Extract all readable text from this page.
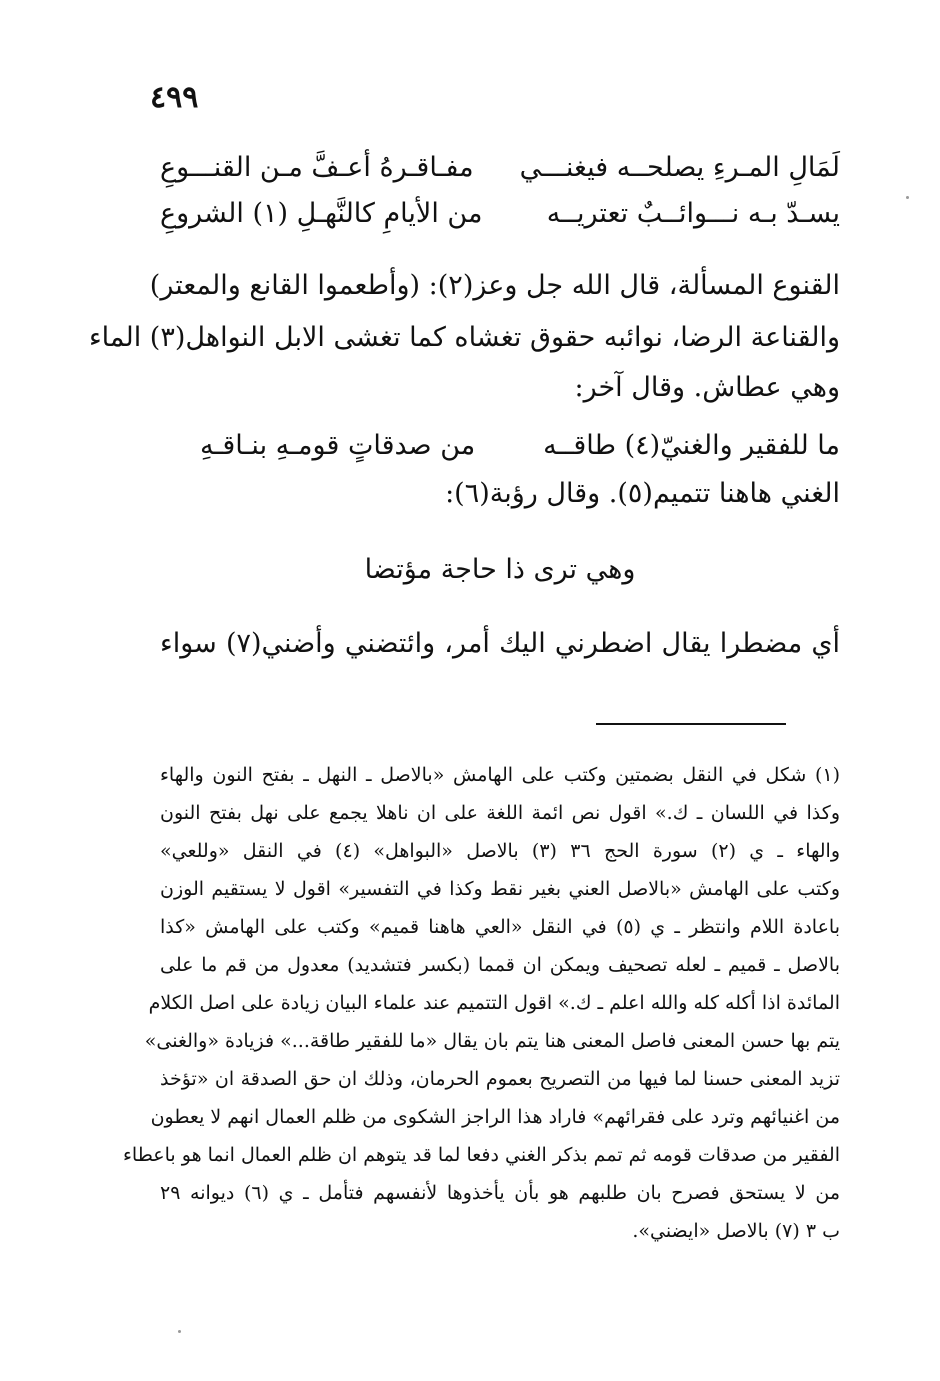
٤٩٩
لَمَالِ المـرءِ يصلحــه فيغنـــي
مفـاقـرهُ أعـفَّ مـن القنـــوعِ
يسـدّ بـه نـــوائــبٌ تعتريــه
من الأيامِ كالنَّهـلِ (١) الشروعِ
القنوع المسألة، قال الله جل وعز(٢): (وأطعموا القانع والمعتر)
والقناعة الرضا، نوائبه حقوق تغشاه كما تغشى الابل النواهل(٣) الماء
وهي عطاش. وقال آخر:
ما للفقير والغنيّ(٤) طاقــه
من صدقاتٍ قومـهِ بنـاقـهِ
الغني هاهنا تتميم(٥). وقال رؤبة(٦):
وهي ترى ذا حاجة مؤتضا
أي مضطرا يقال اضطرني اليك أمر، وائتضني وأضني(٧) سواء
(١) شكل في النقل بضمتين وكتب على الهامش «بالاصل ـ النهل ـ بفتح النون والهاء
وكذا في اللسان ـ ك.» اقول نص ائمة اللغة على ان ناهلا يجمع على نهل بفتح النون
والهاء ـ ي (٢) سورة الحج ٣٦ (٣) بالاصل «البواهل» (٤) في النقل «وللعي»
وكتب على الهامش «بالاصل العني بغير نقط وكذا في التفسير» اقول لا يستقيم الوزن
باعادة اللام وانتظر ـ ي (٥) في النقل «العي هاهنا قميم» وكتب على الهامش «كذا
بالاصل ـ قميم ـ لعله تصحيف ويمكن ان قمما (بكسر فتشديد) معدول من قم ما على
المائدة اذا أكله كله والله اعلم ـ ك.» اقول التتميم عند علماء البيان زيادة على اصل الكلام
يتم بها حسن المعنى فاصل المعنى هنا يتم بان يقال «ما للفقير طاقة...» فزيادة «والغنى»
تزيد المعنى حسنا لما فيها من التصريح بعموم الحرمان، وذلك ان حق الصدقة ان «تؤخذ
من اغنيائهم وترد على فقرائهم» فاراد هذا الراجز الشكوى من ظلم العمال انهم لا يعطون
الفقير من صدقات قومه ثم تمم بذكر الغني دفعا لما قد يتوهم ان ظلم العمال انما هو باعطاء
من لا يستحق فصرح بان طلبهم هو بأن يأخذوها لأنفسهم فتأمل ـ ي (٦) ديوانه ٢٩
ب ٣ (٧) بالاصل «ايضني».
